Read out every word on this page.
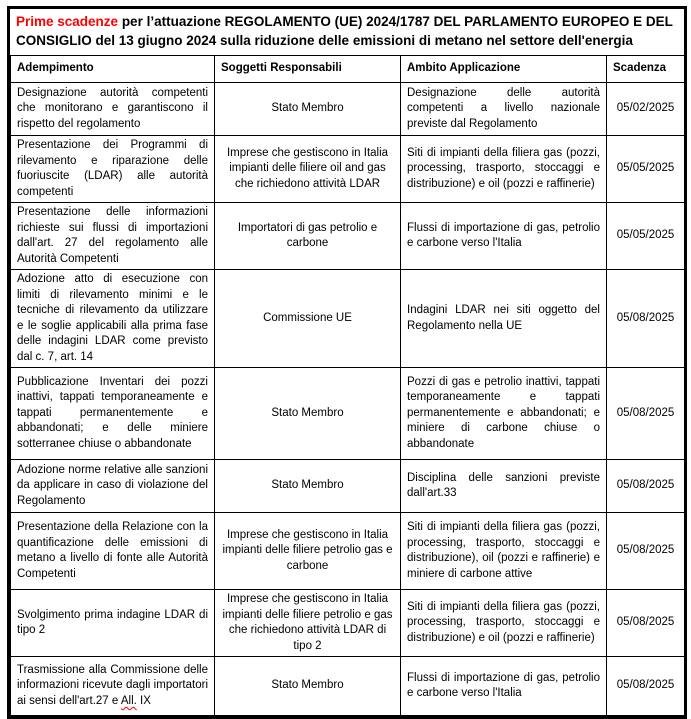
Prime scadenze per l’attuazione REGOLAMENTO (UE) 2024/1787 DEL PARLAMENTO EUROPEO E DEL CONSIGLIO del 13 giugno 2024 sulla riduzione delle emissioni di metano nel settore dell'energia
Adempimento	Soggetti Responsabili	Ambito Applicazione	Scadenza
Designazione autorità competenti che monitorano e garantiscono il rispetto del regolamento	Stato Membro	Designazione delle autorità competenti a livello nazionale previste dal Regolamento	05/02/2025
Presentazione dei Programmi di rilevamento e riparazione delle fuoriuscite (LDAR) alle autorità competenti	Imprese che gestiscono in Italia impianti delle filiere oil and gas che richiedono attività LDAR	Siti di impianti della filiera gas (pozzi, processing, trasporto, stoccaggi e distribuzione) e oil (pozzi e raffinerie)	05/05/2025
Presentazione delle informazioni richieste sui flussi di importazioni dall'art. 27 del regolamento alle Autorità Competenti	Importatori di gas petrolio e carbone	Flussi di importazione di gas, petrolio e carbone verso l'Italia	05/05/2025
Adozione atto di esecuzione con limiti di rilevamento minimi e le tecniche di rilevamento da utilizzare e le soglie applicabili alla prima fase delle indagini LDAR come previsto dal c. 7, art. 14	Commissione UE	Indagini LDAR nei siti oggetto del Regolamento nella UE	05/08/2025
Pubblicazione Inventari dei pozzi inattivi, tappati temporaneamente e tappati permanentemente e abbandonati; e delle miniere sotterranee chiuse o abbandonate	Stato Membro	Pozzi di gas e petrolio inattivi, tappati temporaneamente e tappati permanentemente e abbandonati; e miniere di carbone chiuse o abbandonate	05/08/2025
Adozione norme relative alle sanzioni da applicare in caso di violazione del Regolamento	Stato Membro	Disciplina delle sanzioni previste dall'art.33	05/08/2025
Presentazione della Relazione con la quantificazione delle emissioni di metano a livello di fonte alle Autorità Competenti	Imprese che gestiscono in Italia impianti delle filiere petrolio gas e carbone	Siti di impianti della filiera gas (pozzi, processing, trasporto, stoccaggi e distribuzione), oil (pozzi e raffinerie) e miniere di carbone attive	05/08/2025
Svolgimento prima indagine LDAR di tipo 2	Imprese che gestiscono in Italia impianti delle filiere petrolio e gas che richiedono attività LDAR di tipo 2	Siti di impianti della filiera gas (pozzi, processing, trasporto, stoccaggi e distribuzione) e oil (pozzi e raffinerie)	05/08/2025
Trasmissione alla Commissione delle informazioni ricevute dagli importatori ai sensi dell'art.27 e All. IX	Stato Membro	Flussi di importazione di gas, petrolio e carbone verso l'Italia	05/08/2025
